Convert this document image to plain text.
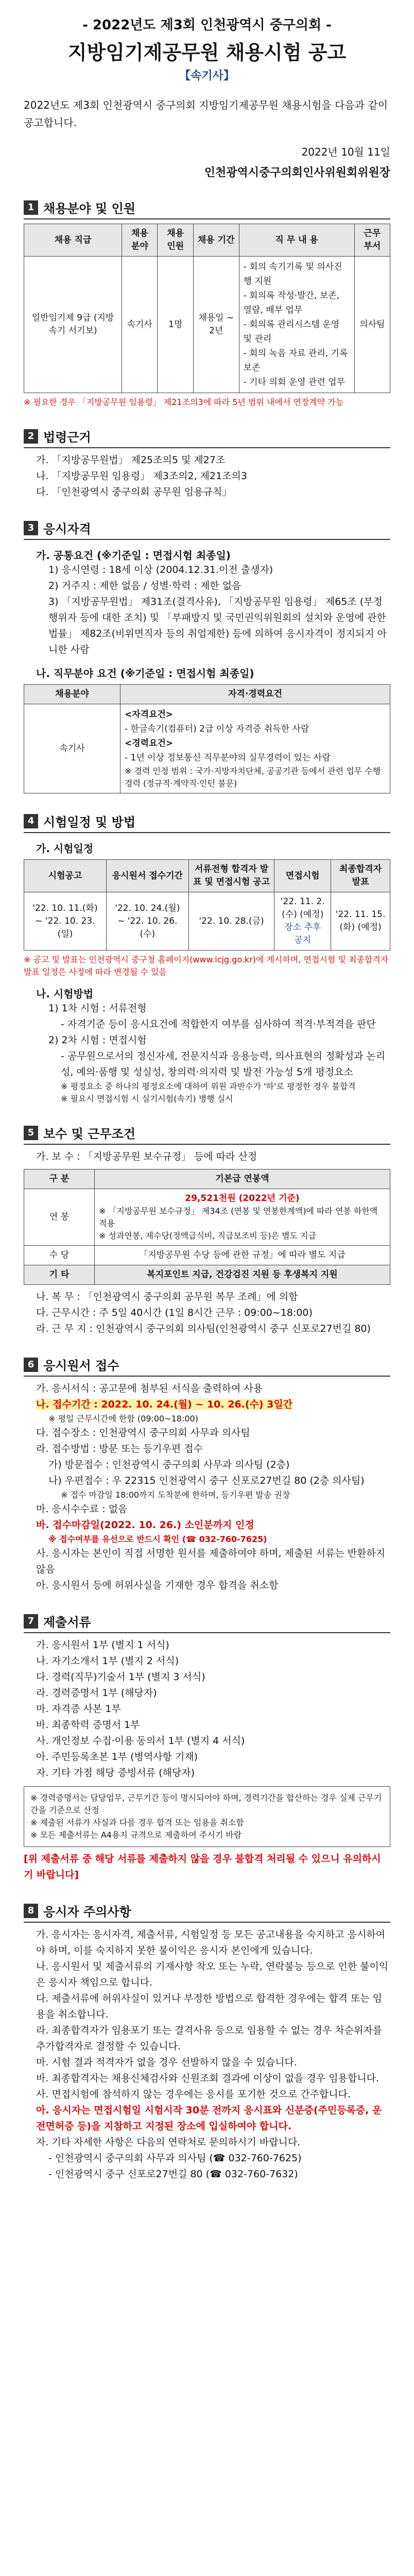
- 2022년도 제3회 인천광역시 중구의회 -
지방임기제공무원 채용시험 공고
【속기사】
2022년도 제3회 인천광역시 중구의회 지방임기제공무원 채용시험을 다음과 같이 공고합니다.
2022년 10월 11일
인천광역시중구의회인사위원회위원장
1 채용분야 및 인원
채용 직급	채용 분야	채용 인원	채용 기간	직 무 내 용	근무 부서
일반임기제 9급 (지방속기 서기보)	속기사	1명	채용일 ~ 2년	- 회의 속기기록 및 의사진행 지원
- 회의록 작성·발간, 보존, 열람, 배부 업무
- 회의록 관리시스템 운영 및 관리
- 회의 녹음 자료 관리, 기록 보존
- 기타 의회 운영 관련 업무	의사팀
※ 필요한 경우 「지방공무원 임용령」 제21조의3에 따라 5년 범위 내에서 연장계약 가능
2 법령근거
가. 「지방공무원법」 제25조의5 및 제27조
나. 「지방공무원 임용령」 제3조의2, 제21조의3
다. 「인천광역시 중구의회 공무원 임용규칙」
3 응시자격
가. 공통요건 (※기준일 : 면접시험 최종일)
1) 응시연령 : 18세 이상 (2004.12.31.이전 출생자)
2) 거주지 : 제한 없음 / 성별·학력 : 제한 없음
3) 「지방공무원법」 제31조(결격사유), 「지방공무원 임용령」 제65조 (부정행위자 등에 대한 조치) 및 「부패방지 및 국민권익위원회의 설치와 운영에 관한 법률」 제82조(비위면직자 등의 취업제한) 등에 의하여 응시자격이 정지되지 아니한 사람
나. 직무분야 요건 (※기준일 : 면접시험 최종일)
채용분야	자격·경력요건
속기사	<자격요건>
- 한글속기(컴퓨터) 2급 이상 자격증 취득한 사람
<경력요건>
- 1년 이상 정보통신 직무분야의 실무경력이 있는 사람
※ 경력 인정 범위 : 국가·지방자치단체, 공공기관 등에서 관련 업무 수행 경력 (정규직·계약직·인턴 불문)
4 시험일정 및 방법
가. 시험일정
시험공고	응시원서 접수기간	서류전형 합격자 발표 및 면접시험 공고	면접시험	최종합격자 발표
'22. 10. 11.(화) ~ '22. 10. 23.(일)	'22. 10. 24.(월) ~ '22. 10. 26.(수)	'22. 10. 28.(금)	'22. 11. 2.(수) (예정)
장소 추후 공지	'22. 11. 15.(화) (예정)
※ 공고 및 발표는 인천광역시 중구청 홈페이지(www.icjg.go.kr)에 게시하며, 면접시험 및 최종합격자 발표 일정은 사정에 따라 변경될 수 있음
나. 시험방법
1) 1차 시험 : 서류전형
- 자격기준 등이 응시요건에 적합한지 여부를 심사하여 적격·부적격을 판단
2) 2차 시험 : 면접시험
- 공무원으로서의 정신자세, 전문지식과 응용능력, 의사표현의 정확성과 논리성, 예의·품행 및 성실성, 창의력·의지력 및 발전 가능성 5개 평정요소
※ 평정요소 중 하나의 평정요소에 대하여 위원 과반수가 '하'로 평정한 경우 불합격
※ 필요시 면접시험 시 실기시험(속기) 병행 실시
5 보수 및 근무조건
가. 보 수 : 「지방공무원 보수규정」 등에 따라 산정
구 분	기본급 연봉액
연 봉	29,521천원 (2022년 기준)
※ 「지방공무원 보수규정」 제34조 (연봉 및 연봉한계액)에 따라 연봉 하한액 적용
※ 성과연봉, 제수당(정액급식비, 직급보조비 등)은 별도 지급

수 당	「지방공무원 수당 등에 관한 규정」에 따라 별도 지급
기 타	복지포인트 지급, 건강검진 지원 등 후생복지 지원
나. 복 무 : 「인천광역시 중구의회 공무원 복무 조례」에 의함
다. 근무시간 : 주 5일 40시간 (1일 8시간 근무 : 09:00~18:00)
라. 근 무 지 : 인천광역시 중구의회 의사팀(인천광역시 중구 신포로27번길 80)
6 응시원서 접수
가. 응시서식 : 공고문에 첨부된 서식을 출력하여 사용
나. 접수기간 : 2022. 10. 24.(월) ~ 10. 26.(수) 3일간
※ 평일 근무시간에 한함 (09:00~18:00)
다. 접수장소 : 인천광역시 중구의회 사무과 의사팀
라. 접수방법 : 방문 또는 등기우편 접수
가) 방문접수 : 인천광역시 중구의회 사무과 의사팀 (2층)
나) 우편접수 : 우 22315 인천광역시 중구 신포로27번길 80 (2층 의사팀)
※ 접수 마감일 18:00까지 도착분에 한하며, 등기우편 발송 권장
마. 응시수수료 : 없음
바. 접수마감일(2022. 10. 26.) 소인분까지 인정
※ 접수여부를 유선으로 반드시 확인 (☎ 032-760-7625)
사. 응시자는 본인이 직접 서명한 원서를 제출하여야 하며, 제출된 서류는 반환하지 않음
아. 응시원서 등에 허위사실을 기재한 경우 합격을 취소함
7 제출서류
가. 응시원서 1부 (별지 1 서식)
나. 자기소개서 1부 (별지 2 서식)
다. 경력(직무)기술서 1부 (별지 3 서식)
라. 경력증명서 1부 (해당자)
마. 자격증 사본 1부
바. 최종학력 증명서 1부
사. 개인정보 수집·이용 동의서 1부 (별지 4 서식)
아. 주민등록초본 1부 (병역사항 기재)
자. 기타 가점 해당 증빙서류 (해당자)
※ 경력증명서는 담당업무, 근무기간 등이 명시되어야 하며, 경력기간을 합산하는 경우 실제 근무기간을 기준으로 산정
※ 제출된 서류가 사실과 다를 경우 합격 또는 임용을 취소함
※ 모든 제출서류는 A4용지 규격으로 제출하여 주시기 바람
[위 제출서류 중 해당 서류를 제출하지 않을 경우 불합격 처리될 수 있으니 유의하시기 바랍니다]
8 응시자 주의사항
가. 응시자는 응시자격, 제출서류, 시험일정 등 모든 공고내용을 숙지하고 응시하여야 하며, 이를 숙지하지 못한 불이익은 응시자 본인에게 있습니다.
나. 응시원서 및 제출서류의 기재사항 착오 또는 누락, 연락불능 등으로 인한 불이익은 응시자 책임으로 합니다.
다. 제출서류에 허위사실이 있거나 부정한 방법으로 합격한 경우에는 합격 또는 임용을 취소합니다.
라. 최종합격자가 임용포기 또는 결격사유 등으로 임용할 수 없는 경우 차순위자를 추가합격자로 결정할 수 있습니다.
마. 시험 결과 적격자가 없을 경우 선발하지 않을 수 있습니다.
바. 최종합격자는 채용신체검사와 신원조회 결과에 이상이 없을 경우 임용합니다.
사. 면접시험에 참석하지 않는 경우에는 응시를 포기한 것으로 간주합니다.
아. 응시자는 면접시험일 시험시작 30분 전까지 응시표와 신분증(주민등록증, 운전면허증 등)을 지참하고 지정된 장소에 입실하여야 합니다.
자. 기타 자세한 사항은 다음의 연락처로 문의하시기 바랍니다.
- 인천광역시 중구의회 사무과 의사팀 (☎ 032-760-7625)
- 인천광역시 중구 신포로27번길 80 (☎ 032-760-7632)
